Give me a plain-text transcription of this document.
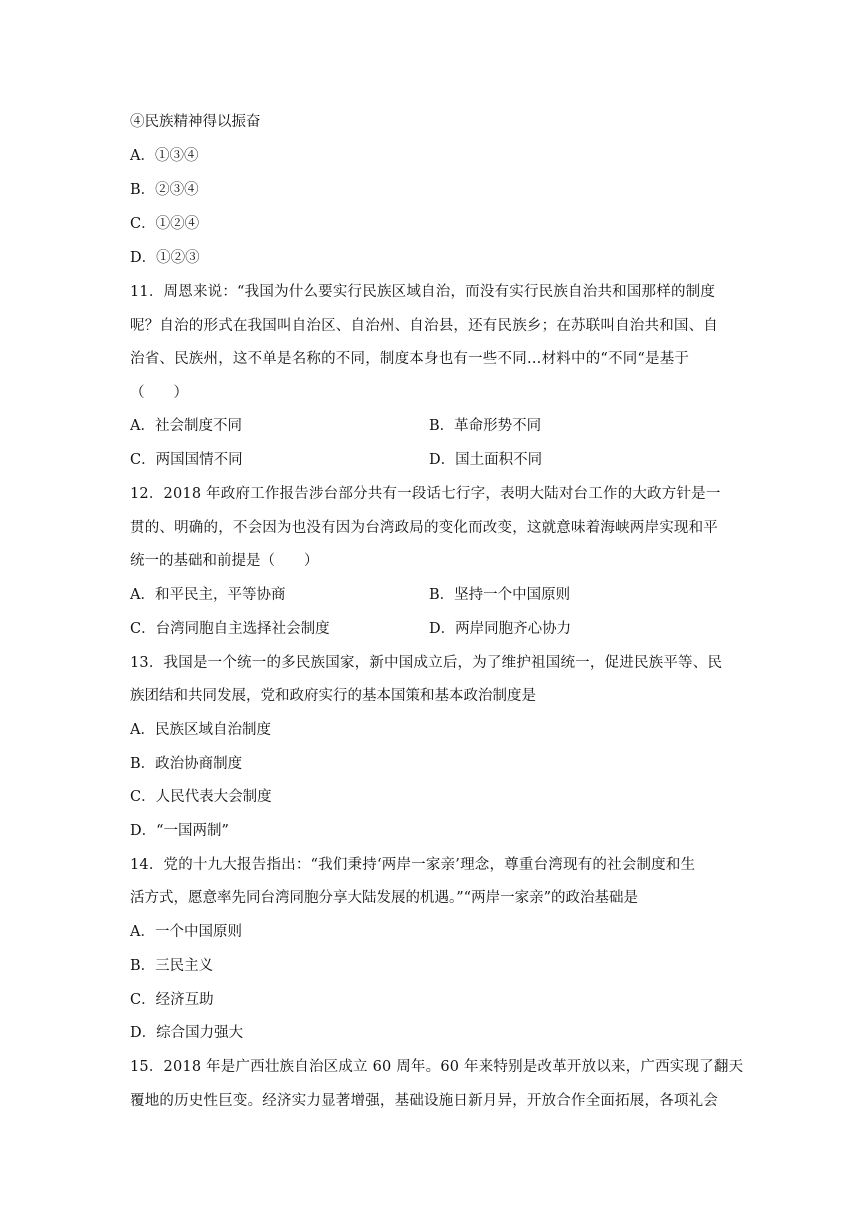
④民族精神得以振奋
A．①③④
B．②③④
C．①②④
D．①②③
11．周恩来说：“我国为什么要实行民族区域自治，而没有实行民族自治共和国那样的制度
呢？自治的形式在我国叫自治区、自治州、自治县，还有民族乡；在苏联叫自治共和国、自
治省、民族州，这不单是名称的不同，制度本身也有一些不同…材料中的“不同“是基于
（　　）
A．社会制度不同	B．革命形势不同
C．两国国情不同	D．国土面积不同
12．2018 年政府工作报告涉台部分共有一段话七行字，表明大陆对台工作的大政方针是一
贯的、明确的，不会因为也没有因为台湾政局的变化而改变，这就意味着海峡两岸实现和平
统一的基础和前提是（　　）
A．和平民主，平等协商	B．坚持一个中国原则
C．台湾同胞自主选择社会制度	D．两岸同胞齐心协力
13．我国是一个统一的多民族国家，新中国成立后，为了维护祖国统一，促进民族平等、民
族团结和共同发展，党和政府实行的基本国策和基本政治制度是
A．民族区域自治制度
B．政治协商制度
C．人民代表大会制度
D．“一国两制”
14．党的十九大报告指出：“我们秉持‘两岸一家亲’理念，尊重台湾现有的社会制度和生
活方式，愿意率先同台湾同胞分享大陆发展的机遇。”“两岸一家亲”的政治基础是
A．一个中国原则
B．三民主义
C．经济互助
D．综合国力强大
15．2018 年是广西壮族自治区成立 60 周年。60 年来特别是改革开放以来，广西实现了翻天
覆地的历史性巨变。经济实力显著增强，基础设施日新月异，开放合作全面拓展，各项礼会
